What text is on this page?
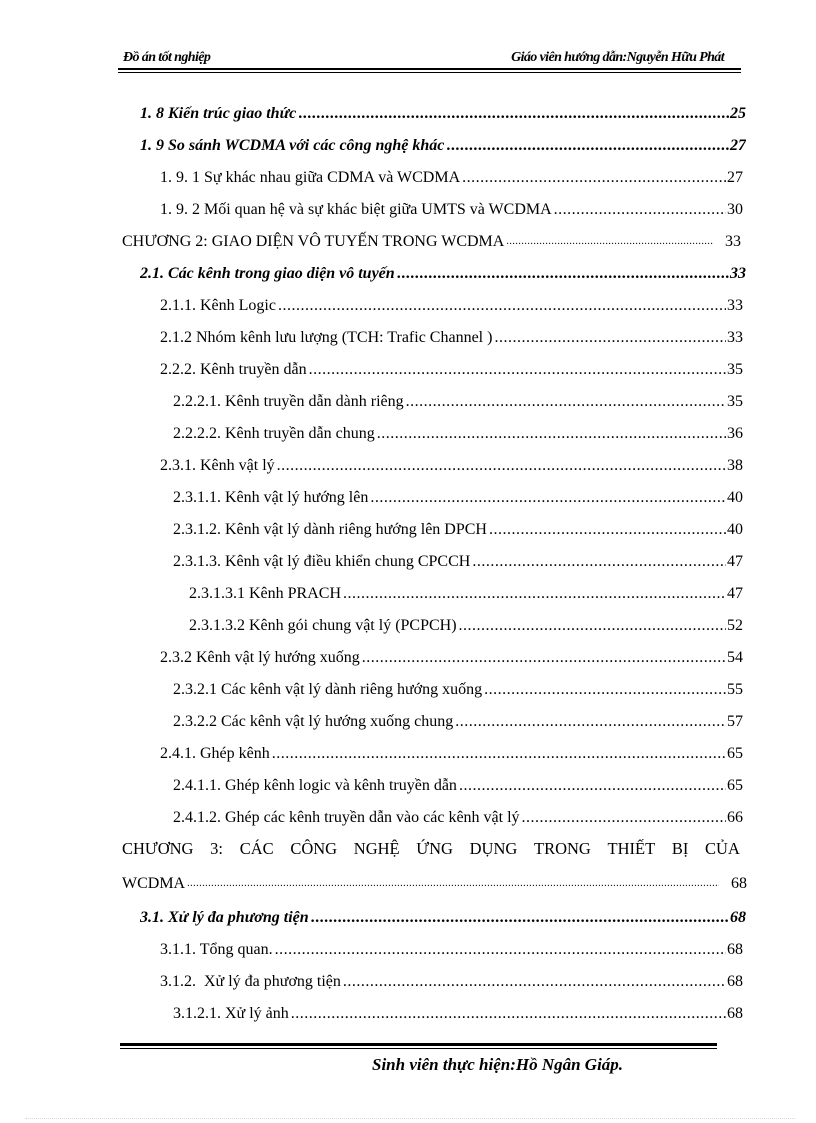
Đồ án tốt nghiệp	Giáo viên hướng dẫn:Nguyễn Hữu Phát
1. 8 Kiến trúc giao thức .....	25
1. 9 So sánh WCDMA với các công nghệ khác .....	27
1. 9. 1 Sự khác nhau giữa CDMA và WCDMA .....	27
1. 9. 2 Mối quan hệ và sự khác biệt giữa UMTS và WCDMA .....	30
CHƯƠNG 2: GIAO DIỆN VÔ TUYẾN TRONG WCDMA .....	33
2.1. Các kênh trong giao diện vô tuyến .....	33
2.1.1. Kênh Logic .....	33
2.1.2 Nhóm kênh lưu lượng (TCH: Trafic Channel ) .....	33
2.2.2. Kênh truyền dẫn .....	35
2.2.2.1. Kênh truyền dẫn dành riêng .....	35
2.2.2.2. Kênh truyền dẫn chung .....	36
2.3.1. Kênh vật lý .....	38
2.3.1.1. Kênh vật lý hướng lên .....	40
2.3.1.2. Kênh vật lý dành riêng hướng lên DPCH .....	40
2.3.1.3. Kênh vật lý điều khiển chung CPCCH .....	47
2.3.1.3.1 Kênh PRACH .....	47
2.3.1.3.2 Kênh gói chung vật lý (PCPCH) .....	52
2.3.2 Kênh vật lý hướng xuống .....	54
2.3.2.1 Các kênh vật lý dành riêng hướng xuống .....	55
2.3.2.2 Các kênh vật lý hướng xuống chung .....	57
2.4.1. Ghép kênh .....	65
2.4.1.1. Ghép kênh logic và kênh truyền dẫn .....	65
2.4.1.2. Ghép các kênh truyền dẫn vào các kênh vật lý .....	66
CHƯƠNG 3: CÁC CÔNG NGHỆ ỨNG DỤNG TRONG THIẾT BỊ CỦA
WCDMA .....	68
3.1. Xử lý đa phương tiện .....	68
3.1.1. Tổng quan. .....	68
3.1.2.  Xử lý đa phương tiện .....	68
3.1.2.1. Xử lý ảnh .....	68
Sinh viên thực hiện:Hồ Ngân Giáp.
